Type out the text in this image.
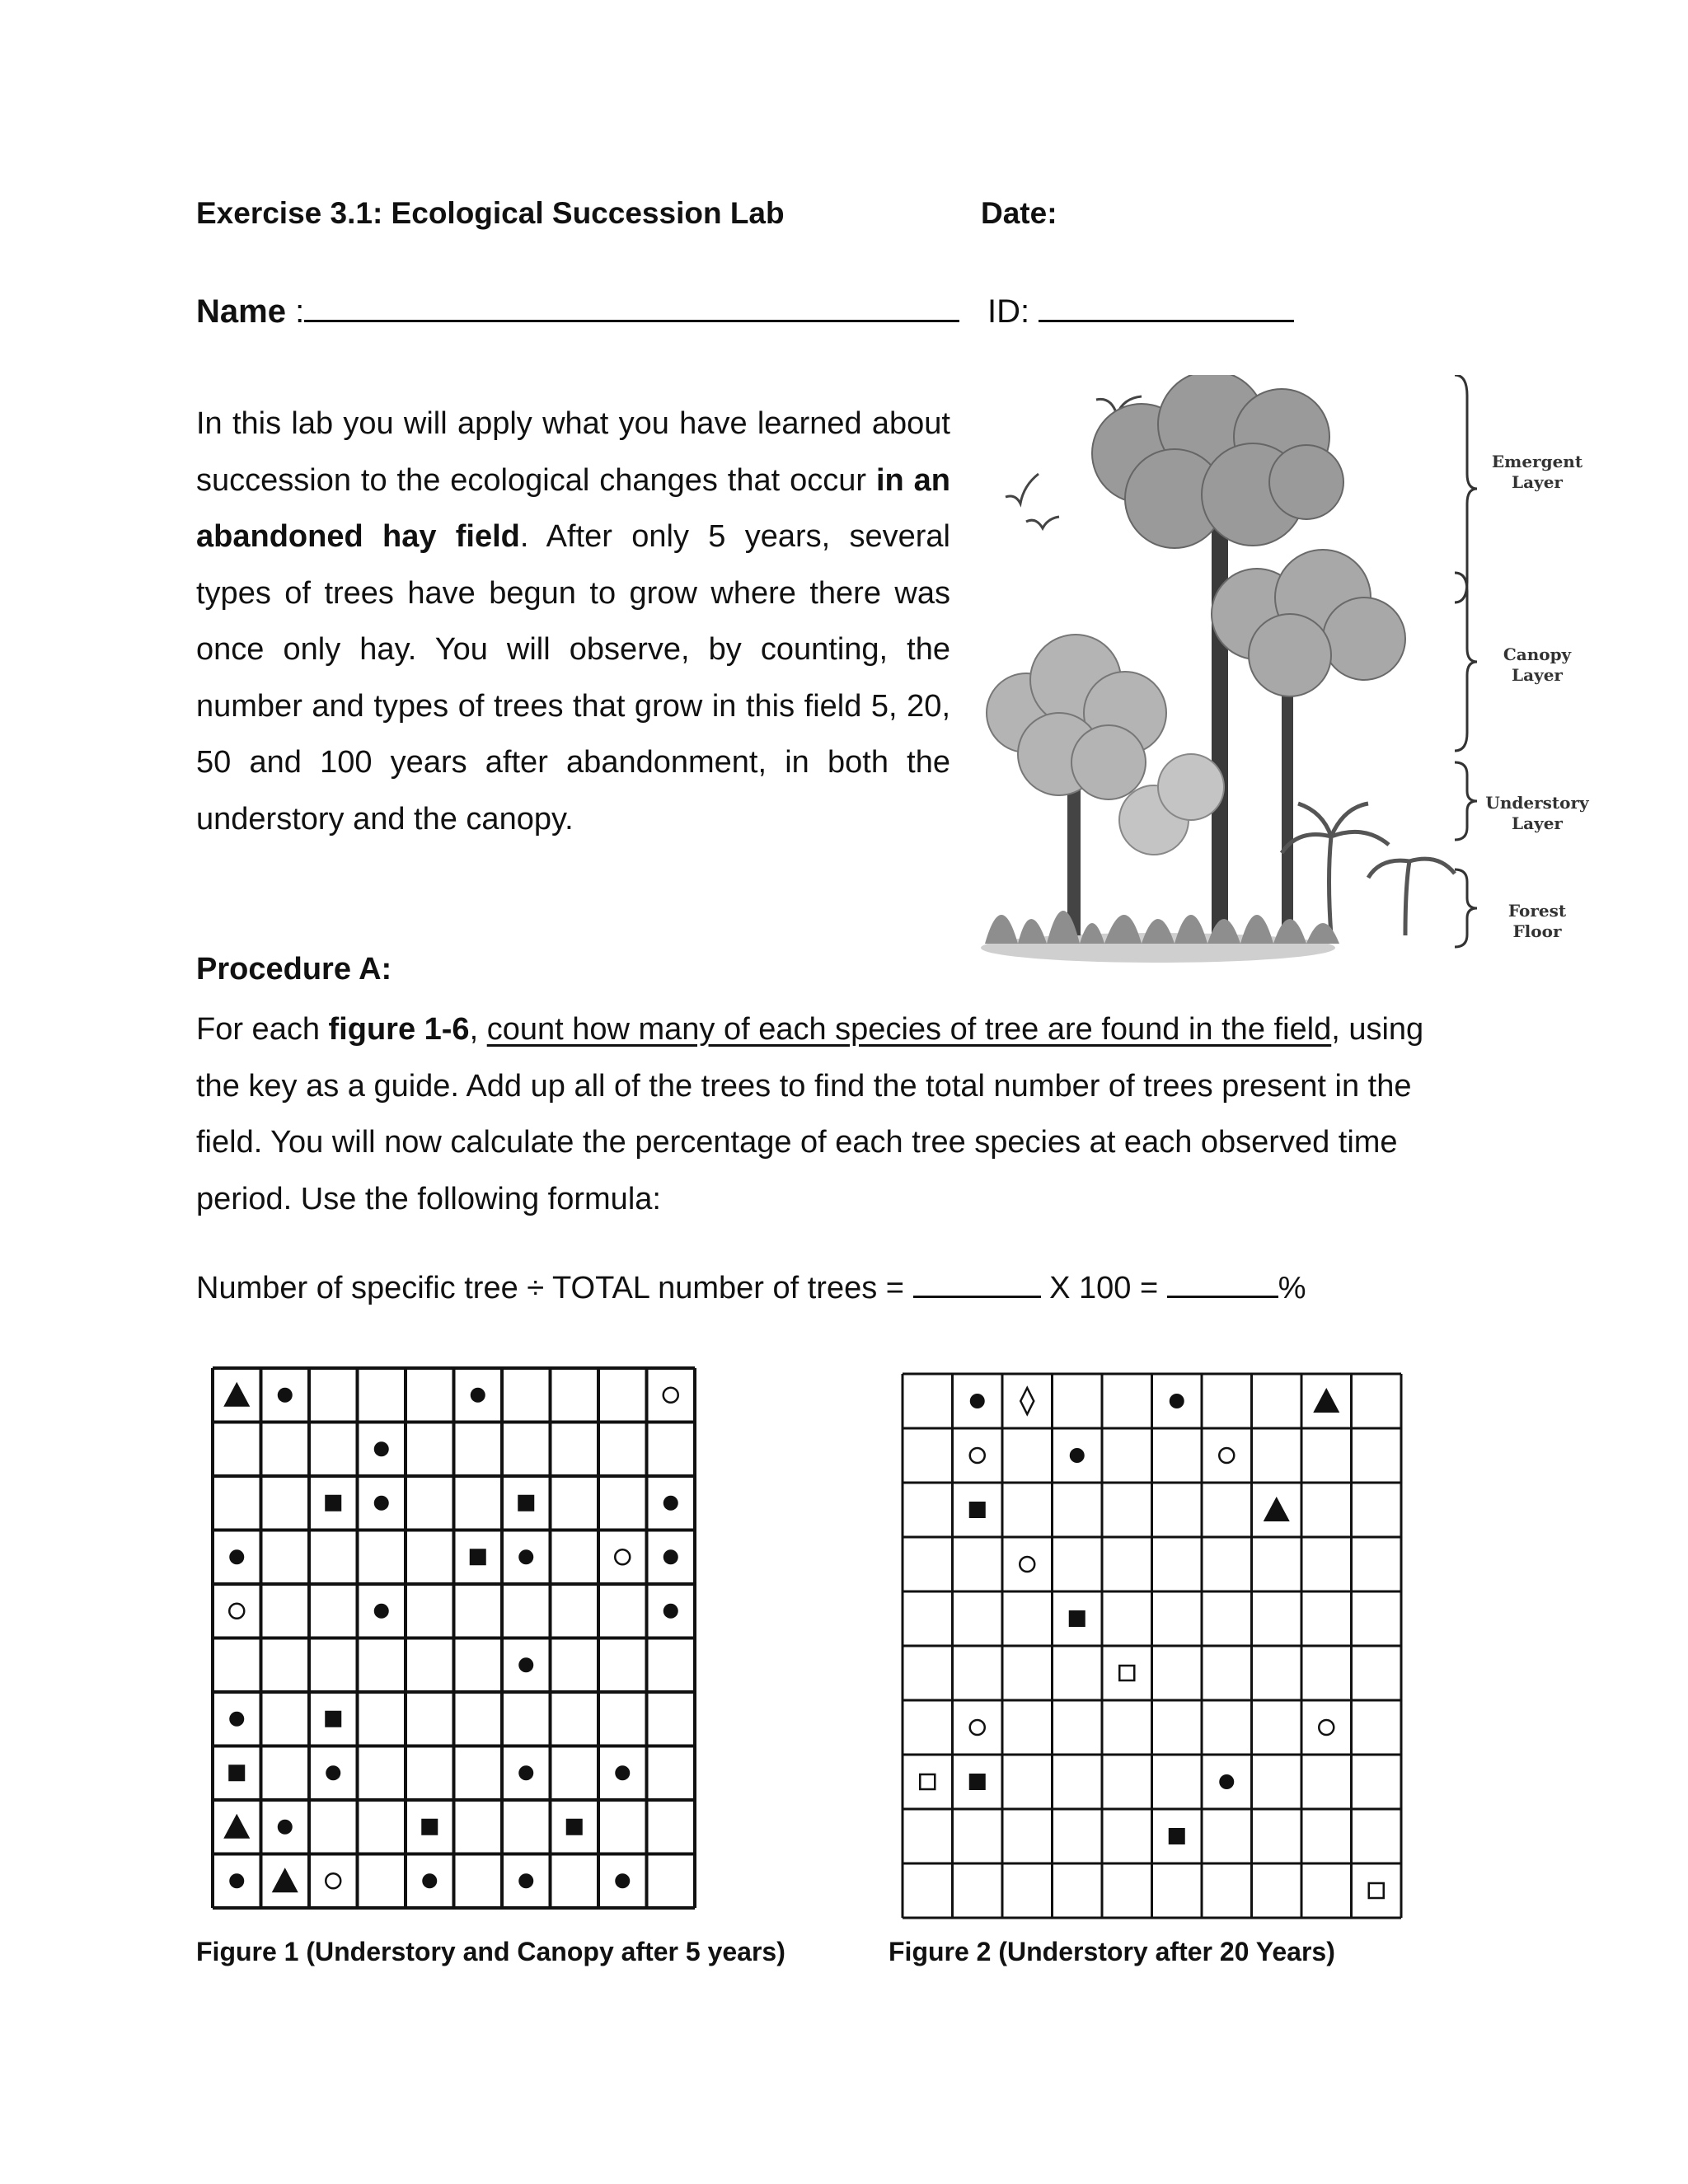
Exercise 3.1: Ecological Succession Lab	Date:
Name :	ID:
In this lab you will apply what you have learned about succession to the ecological changes that occur in an abandoned hay field. After only 5 years, several types of trees have begun to grow where there was once only hay. You will observe, by counting, the number and types of trees that grow in this field 5, 20, 50 and 100 years after abandonment, in both the understory and the canopy.
Emergent
Layer
Canopy
Layer
Understory
Layer
Forest
Floor
Procedure A:
For each figure 1-6, count how many of each species of tree are found in the field, using the key as a guide. Add up all of the trees to find the total number of trees present in the field. You will now calculate the percentage of each tree species at each observed time period. Use the following formula:
Number of specific tree ÷ TOTAL number of trees =	X 100 =	%
Figure 1 (Understory and Canopy after 5 years)	Figure 2 (Understory after 20 Years)
